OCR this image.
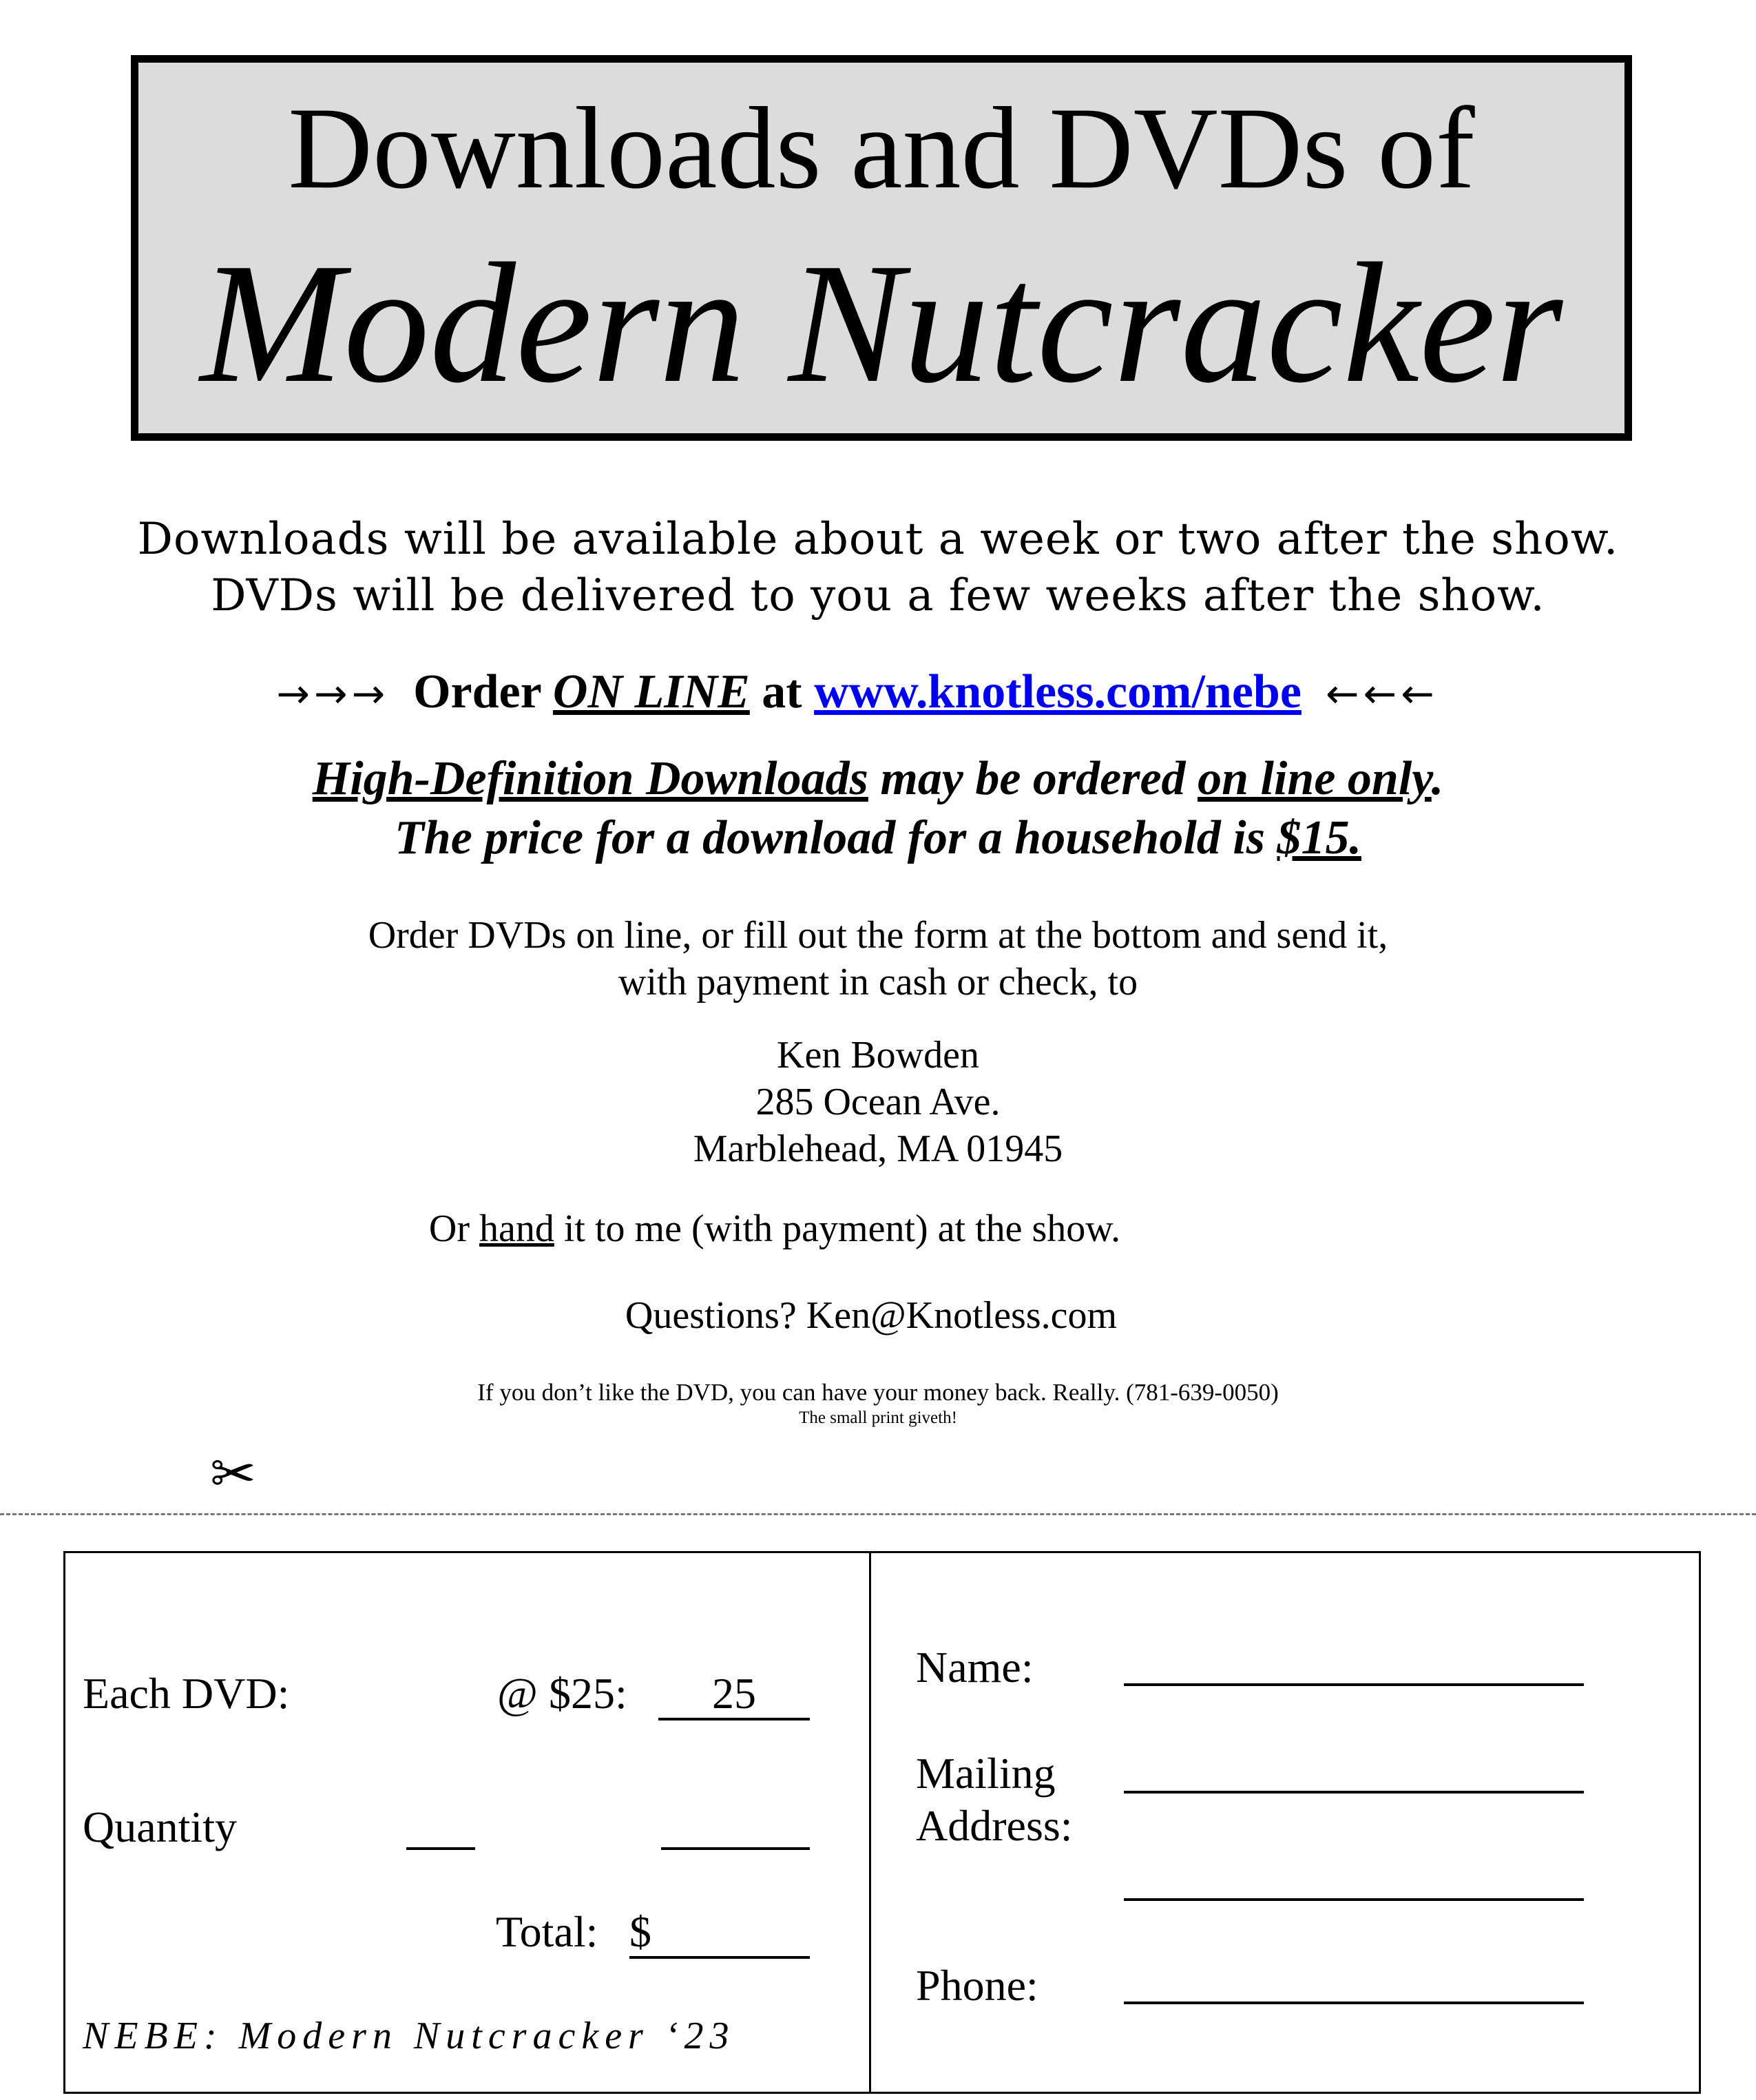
Downloads and DVDs of
Modern Nutcracker
Downloads will be available about a week or two after the show.
DVDs will be delivered to you a few weeks after the show.
→→→ Order ON LINE at www.knotless.com/nebe ←←←
High-Definition Downloads may be ordered on line only.
The price for a download for a household is $15.
Order DVDs on line, or fill out the form at the bottom and send it,
with payment in cash or check, to
Ken Bowden
285 Ocean Ave.
Marblehead, MA 01945
Or hand it to me (with payment) at the show.
Questions? Ken@Knotless.com
If you don’t like the DVD, you can have your money back. Really. (781-639-0050)
The small print giveth!
✂
Each DVD:	@ $25:	25
Quantity
Total: $
NEBE: Modern Nutcracker ‘23
Name:
Mailing
Address:
Phone:
